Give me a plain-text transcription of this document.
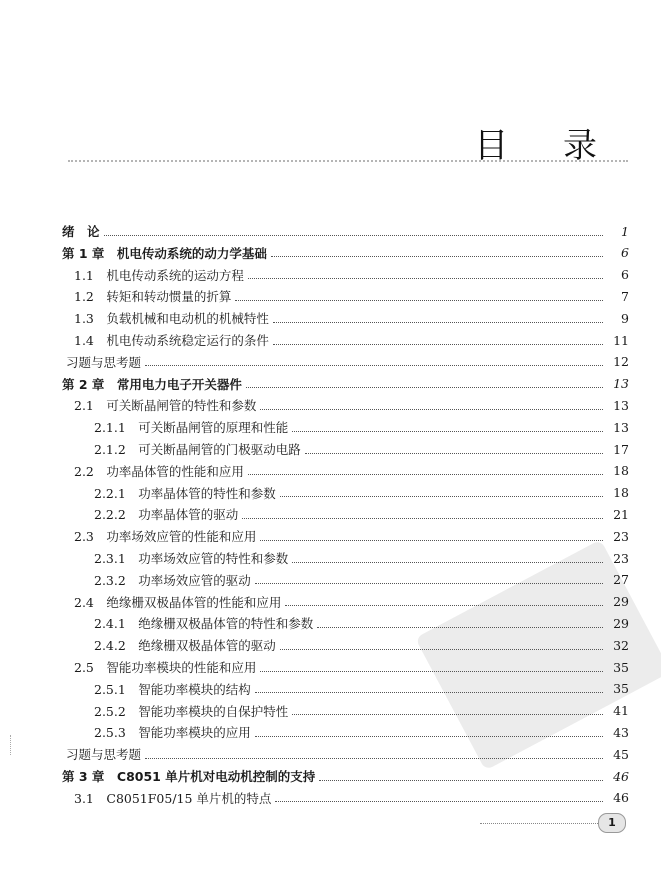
目 录
绪　论	1
第 1 章　机电传动系统的动力学基础	6
1.1　机电传动系统的运动方程	6
1.2　转矩和转动惯量的折算	7
1.3　负载机械和电动机的机械特性	9
1.4　机电传动系统稳定运行的条件	11
习题与思考题	12
第 2 章　常用电力电子开关器件	13
2.1　可关断晶闸管的特性和参数	13
2.1.1　可关断晶闸管的原理和性能	13
2.1.2　可关断晶闸管的门极驱动电路	17
2.2　功率晶体管的性能和应用	18
2.2.1　功率晶体管的特性和参数	18
2.2.2　功率晶体管的驱动	21
2.3　功率场效应管的性能和应用	23
2.3.1　功率场效应管的特性和参数	23
2.3.2　功率场效应管的驱动	27
2.4　绝缘栅双极晶体管的性能和应用	29
2.4.1　绝缘栅双极晶体管的特性和参数	29
2.4.2　绝缘栅双极晶体管的驱动	32
2.5　智能功率模块的性能和应用	35
2.5.1　智能功率模块的结构	35
2.5.2　智能功率模块的自保护特性	41
2.5.3　智能功率模块的应用	43
习题与思考题	45
第 3 章　C8051 单片机对电动机控制的支持	46
3.1　C8051F05/15 单片机的特点	46
1
